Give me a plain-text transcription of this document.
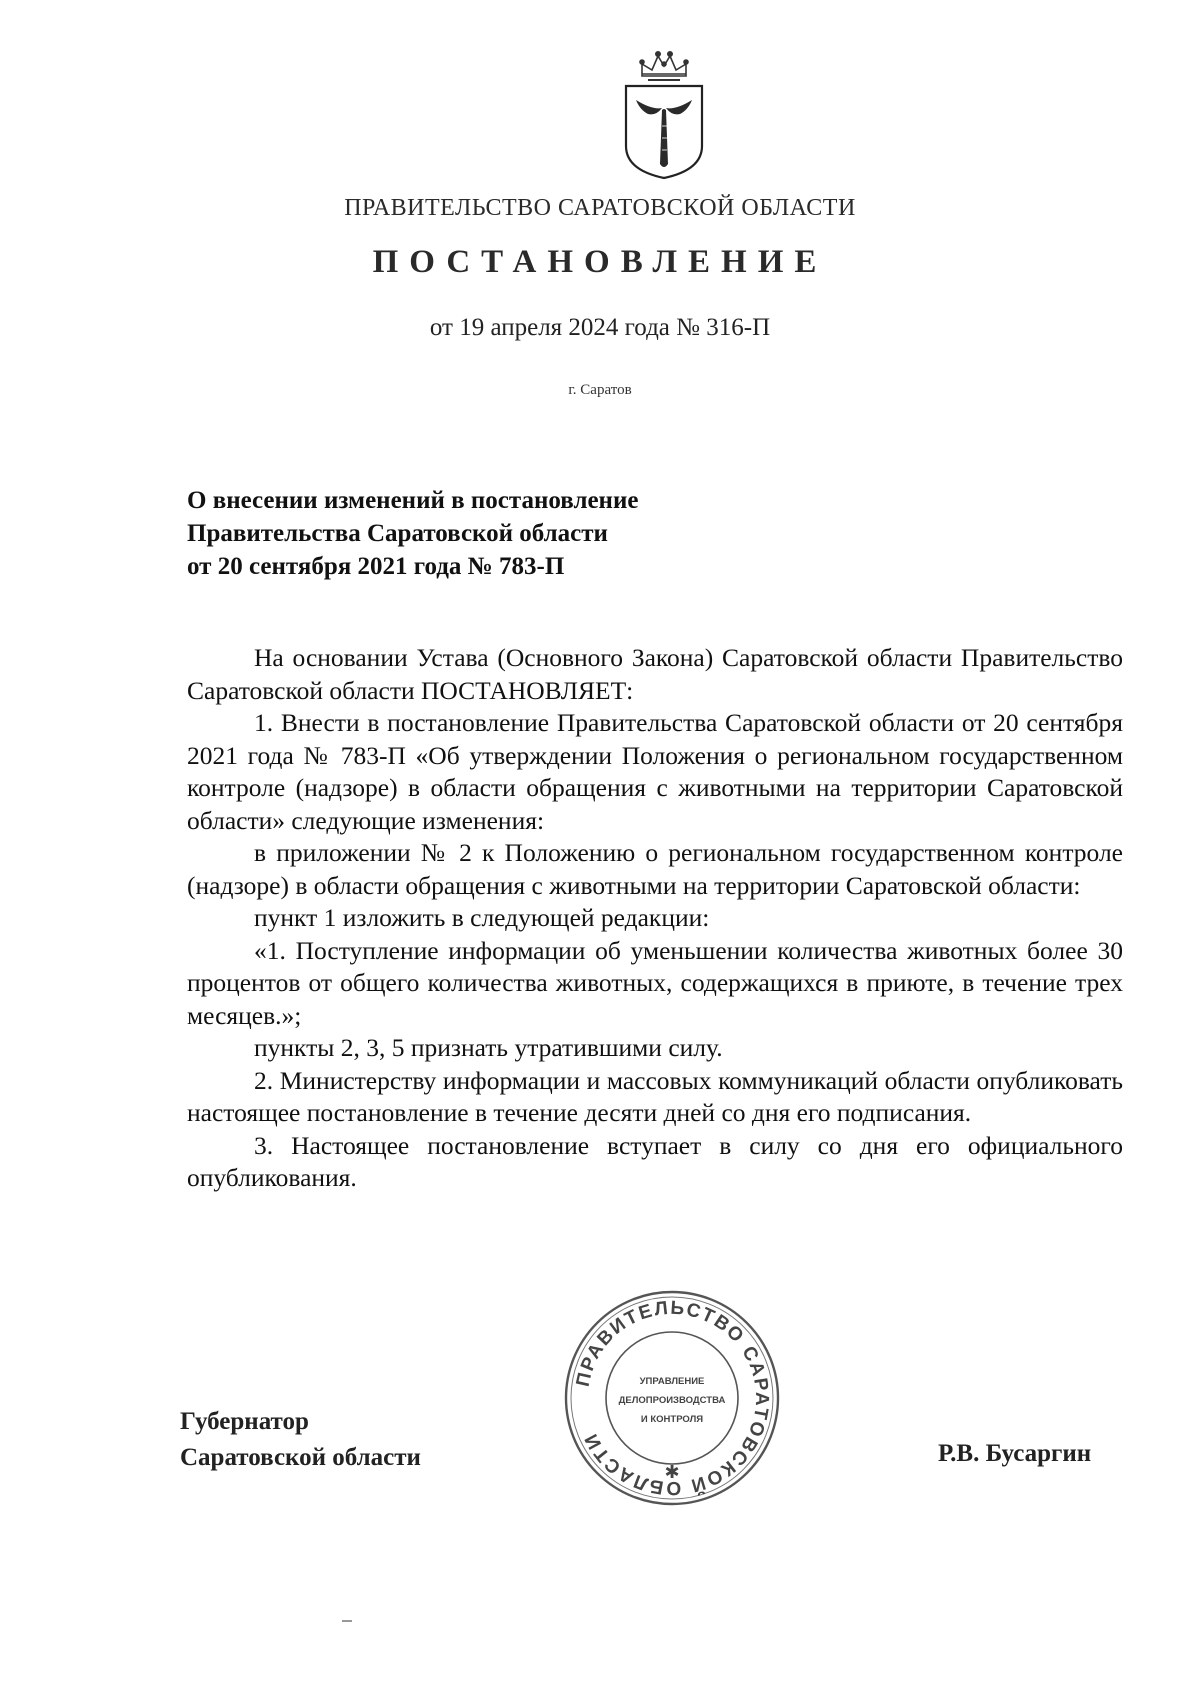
ПРАВИТЕЛЬСТВО САРАТОВСКОЙ ОБЛАСТИ
ПОСТАНОВЛЕНИЕ
от 19 апреля 2024 года № 316-П
г. Саратов
О внесении изменений в постановление
Правительства Саратовской области
от 20 сентября 2021 года № 783-П

На основании Устава (Основного Закона) Саратовской области Правительство Саратовской области ПОСТАНОВЛЯЕТ:

1. Внести в постановление Правительства Саратовской области от 20 сентября 2021 года № 783-П «Об утверждении Положения о региональном государственном контроле (надзоре) в области обращения с животными на территории Саратовской области» следующие изменения:

в приложении № 2 к Положению о региональном государственном контроле (надзоре) в области обращения с животными на территории Саратовской области:

пункт 1 изложить в следующей редакции:

«1. Поступление информации об уменьшении количества животных более 30 процентов от общего количества животных, содержащихся в приюте, в течение трех месяцев.»;

пункты 2, 3, 5 признать утратившими силу.

2. Министерству информации и массовых коммуникаций области опубликовать настоящее постановление в течение десяти дней со дня его подписания.

3. Настоящее постановление вступает в силу со дня его официального опубликования.

ПРАВИТЕЛЬСТВО САРАТОВСКОЙ ОБЛАСТИ
✱
УПРАВЛЕНИЕ
ДЕЛОПРОИЗВОДСТВА
И КОНТРОЛЯ
Губернатор
Саратовской области	Р.В. Бусаргин
